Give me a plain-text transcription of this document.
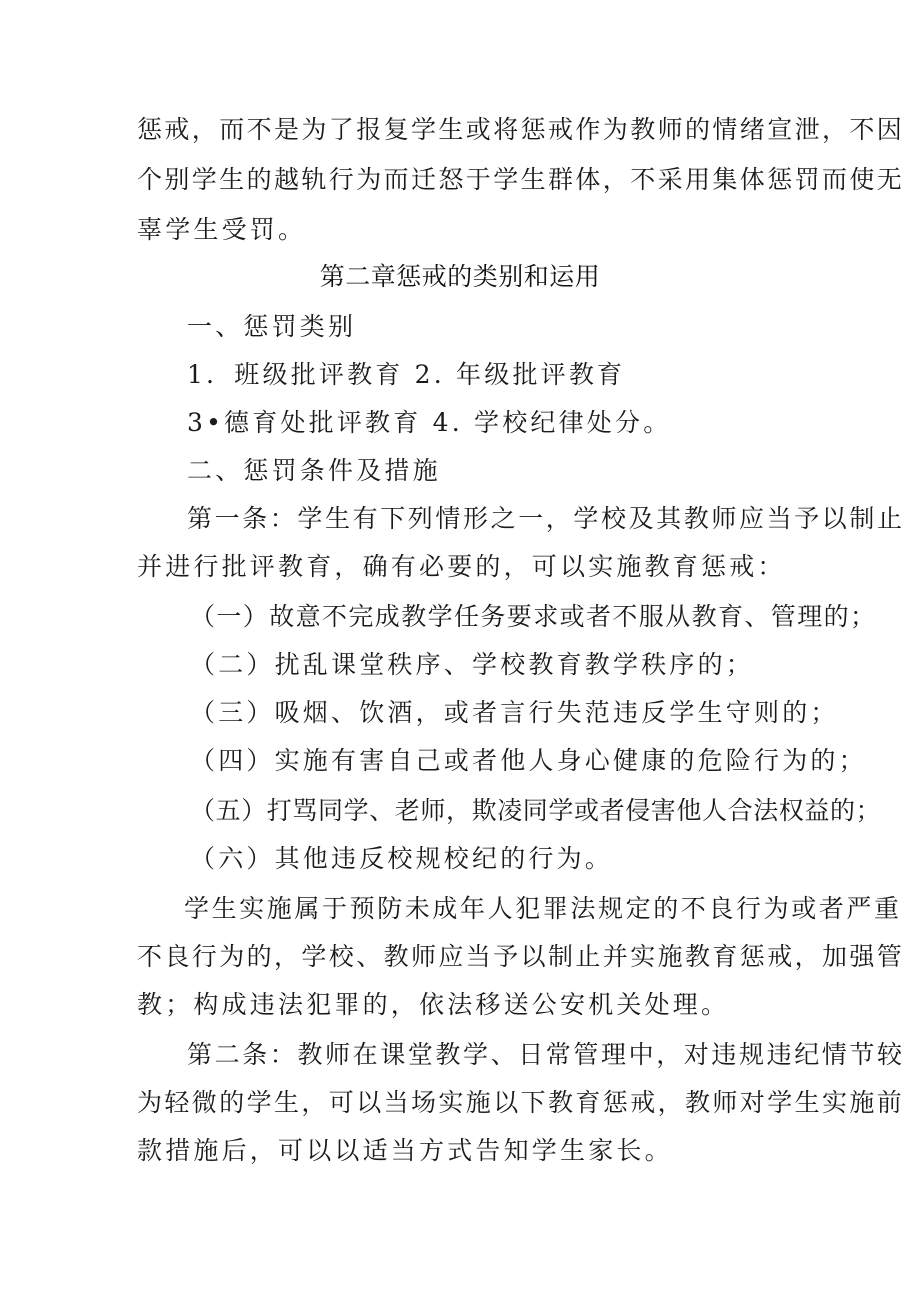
惩戒，而不是为了报复学生或将惩戒作为教师的情绪宣泄，不因
个别学生的越轨行为而迁怒于学生群体，不采用集体惩罚而使无
辜学生受罚。
第二章惩戒的类别和运用
一、惩罚类别
1．班级批评教育 2. 年级批评教育
3•德育处批评教育 4. 学校纪律处分。
二、惩罚条件及措施
第一条：学生有下列情形之一，学校及其教师应当予以制止
并进行批评教育，确有必要的，可以实施教育惩戒：
（一）故意不完成教学任务要求或者不服从教育、管理的；
（二）扰乱课堂秩序、学校教育教学秩序的；
（三）吸烟、饮酒，或者言行失范违反学生守则的；
（四）实施有害自己或者他人身心健康的危险行为的；
（五）打骂同学、老师，欺凌同学或者侵害他人合法权益的；
（六）其他违反校规校纪的行为。
学生实施属于预防未成年人犯罪法规定的不良行为或者严重
不良行为的，学校、教师应当予以制止并实施教育惩戒，加强管
教；构成违法犯罪的，依法移送公安机关处理。
第二条：教师在课堂教学、日常管理中，对违规违纪情节较
为轻微的学生，可以当场实施以下教育惩戒，教师对学生实施前
款措施后，可以以适当方式告知学生家长。
